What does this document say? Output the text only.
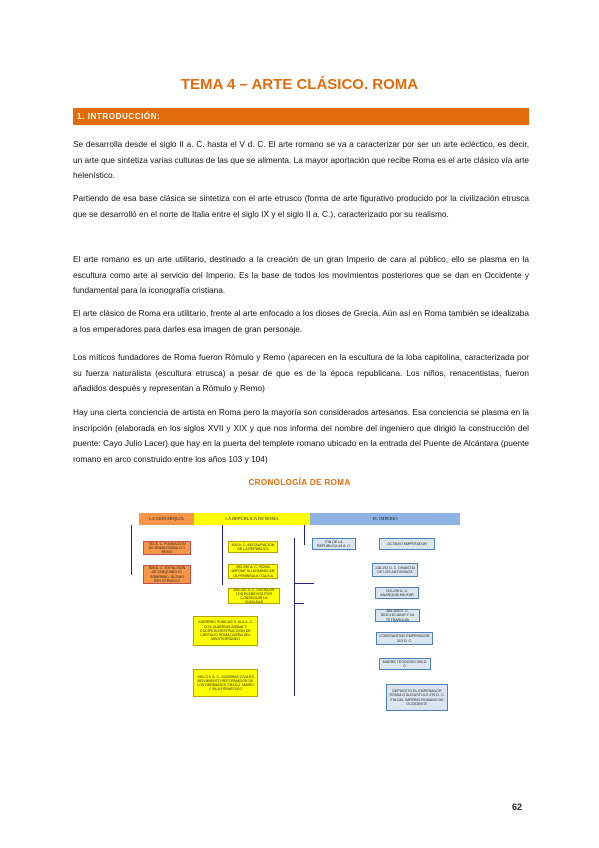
TEMA 4 – ARTE CLÁSICO. ROMA
1. INTRODUCCIÓN:

Se desarrolla desde el siglo II a. C. hasta el V d. C. El arte romano se va a caracterizar por ser un arte ecléctico, es decir, un arte que sintetiza varias culturas de las que se alimenta. La mayor aportación que recibe Roma es el arte clásico vía arte helenístico.

Partiendo de esa base clásica se sintetiza con el arte etrusco (forma de arte figurativo producido por la civilización etrusca que se desarrolló en el norte de Italia entre el siglo IX y el siglo II a. C.), caracterizado por su realismo.

El arte romano es un arte utilitario, destinado a la creación de un gran Imperio de cara al público, ello se plasma en la escultura como arte al servicio del Imperio. Es la base de todos los movimientos posteriores que se dan en Occidente y fundamental para la iconografía cristiana.

El arte clásico de Roma era utilitario, frente al arte enfocado a los dioses de Grecia. Aún así en Roma también se idealizaba a los emperadores para darles esa imagen de gran personaje.

Los míticos fundadores de Roma fueron Rómulo y Remo (aparecen en la escultura de la loba capitolina, caracterizada por su fuerza naturalista (escultura etrusca) a pesar de que es de la época republicana. Los niños, renacentistas, fueron añadidos después y representan a Rómulo y Remo)

Hay una cierta conciencia de artista en Roma pero la mayoría son considerados artesanos. Esa conciencia se plasma en la inscripción (elaborada en los siglos XVII y XIX y que nos informa del nombre del ingeniero que dirigió la construcción del puente: Cayo Julio Lacer) que hay en la puerta del templete romano ubicado en la entrada del Puente de Alcántara (puente romano en arco construido entre los años 103 y 104)

CRONOLOGÍA DE ROMA
LA MONARQUÍA	LA REPÚBLICA DE ROMA	EL IMPERIO
753 A. C. FUNDACIÓN DE ROMA RÓMULO Y REMO
509 A. C. EXPULSIÓN DE TARQUINIO EL SOBERBIO, ÚLTIMO REY ETRUSCO
509 A. C. INSTAURACIÓN DE LA REPÚBLICA
493-290 A. C. ROMA IMPONE SU DOMINIO EN LA PENÍNSULA ITÁLICA
493-287 A. C. LUCHA DE LOS PLEBEYOS POR CONSEGUIR LA IGUALDAD
GUERRAS PÚNICAS S. III-II A. C. DOS GUERRAS ANÍBAL Y ESCIPIÓN DESTRUCCIÓN DE CARTAGO ROMA DUEÑA DEL MEDITERRÁNEO
SIGLO II A. C. GUERRAS CIVILES MOVIMIENTO REFORMADOR DE LOS HERMANOS GRACO. MARIO Y SILA ESPARTACO
FIN DE LA REPÚBLICA 44 A. C.
OCTAVIO EMPERADOR
138-192 D. C. DINASTÍA DE LOS ANTONINOS
193-235 D. C. ANARQUÍA MILITAR
284-305 D. C. DIOCLECIANO Y LA TETRARQUÍA
CONSTANTINO EMPERADOR 313 D. C.
MUERE TEODOSIO 395 D. C.
DEPUESTO EL EMPERADOR RÓMULO AUGUSTULO 476 D. C. FIN DEL IMPERIO ROMANO DE OCCIDENTE
62
